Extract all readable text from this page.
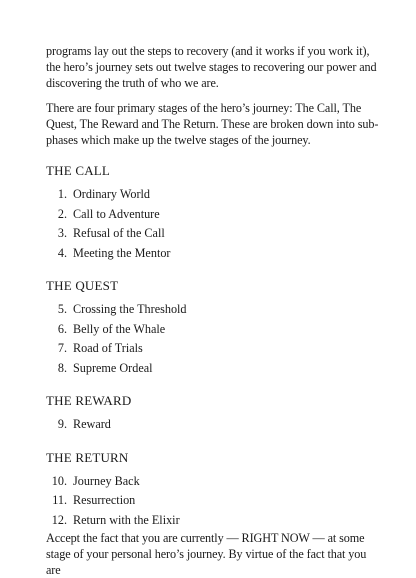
programs lay out the steps to recovery (and it works if you work it), the hero’s journey sets out twelve stages to recovering our power and discovering the truth of who we are.

There are four primary stages of the hero’s journey: The Call, The Quest, The Reward and The Return. These are broken down into sub-phases which make up the twelve stages of the journey.

THE CALL
1. Ordinary World
2. Call to Adventure
3. Refusal of the Call
4. Meeting the Mentor
THE QUEST
5. Crossing the Threshold
6. Belly of the Whale
7. Road of Trials
8. Supreme Ordeal
THE REWARD
9. Reward
THE RETURN
10. Journey Back
11. Resurrection
12. Return with the Elixir

Accept the fact that you are currently — RIGHT NOW — at some stage of your personal hero’s journey. By virtue of the fact that you are
